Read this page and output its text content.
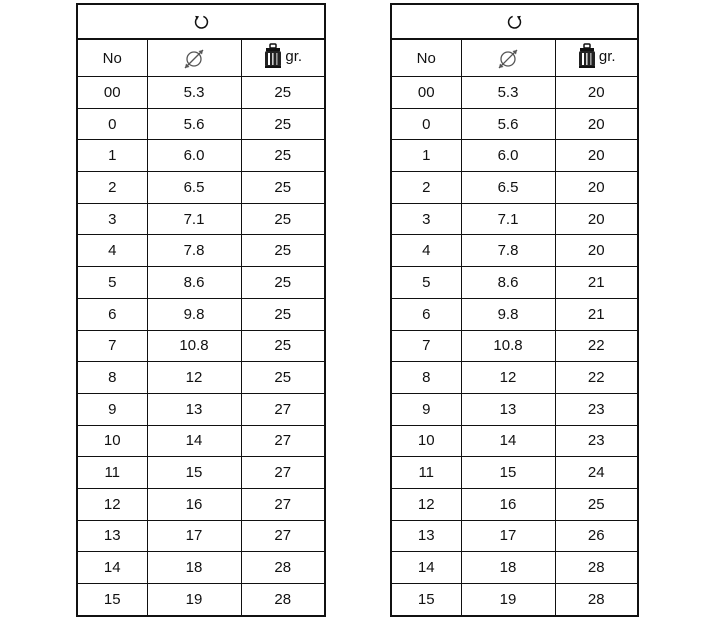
No		gr.

00	5.3	25
0	5.6	25
1	6.0	25
2	6.5	25
3	7.1	25
4	7.8	25
5	8.6	25
6	9.8	25
7	10.8	25
8	12	25
9	13	27
10	14	27
11	15	27
12	16	27
13	17	27
14	18	28
15	19	28

No		gr.

00	5.3	20
0	5.6	20
1	6.0	20
2	6.5	20
3	7.1	20
4	7.8	20
5	8.6	21
6	9.8	21
7	10.8	22
8	12	22
9	13	23
10	14	23
11	15	24
12	16	25
13	17	26
14	18	28
15	19	28
